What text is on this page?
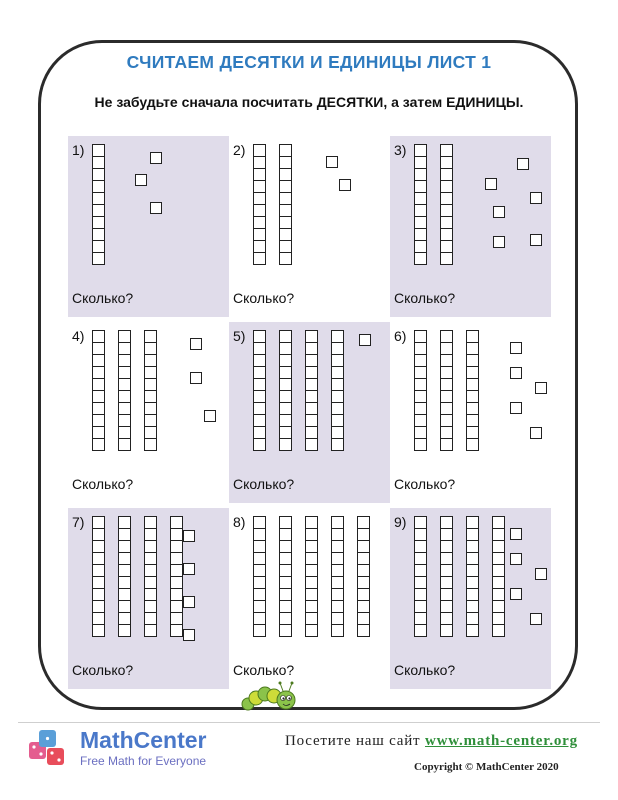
СЧИТАЕМ ДЕСЯТКИ И ЕДИНИЦЫ ЛИСТ 1
Не забудьте сначала посчитать ДЕСЯТКИ, а затем ЕДИНИЦЫ.
1)
Сколько?
2)
Сколько?
3)
Сколько?
4)
Сколько?
5)
Сколько?
6)
Сколько?
7)
Сколько?
8)
Сколько?
9)
Сколько?
MathCenter
Free Math for Everyone
Посетите наш сайт www.math-center.org
Copyright © MathCenter 2020
